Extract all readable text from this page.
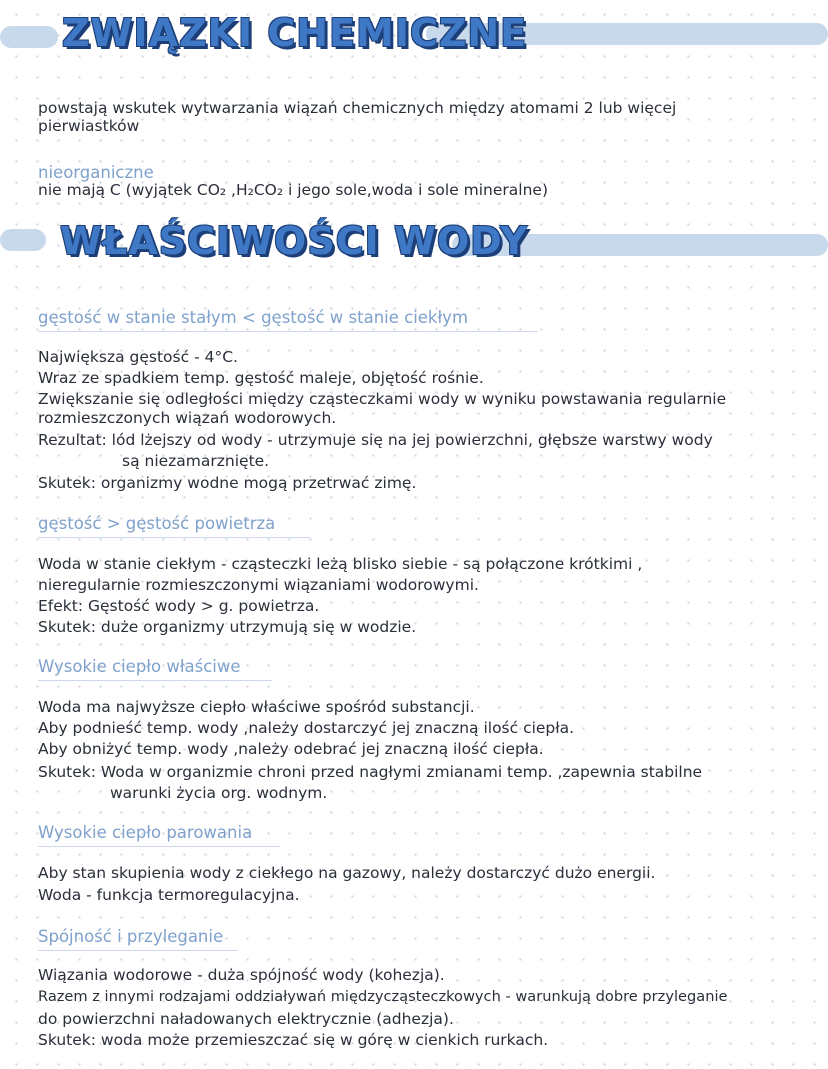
ZWIĄZKI CHEMICZNE

powstają wskutek wytwarzania wiązań chemicznych między atomami 2 lub więcej

pierwiastków

nieorganiczne

nie mają C (wyjątek CO₂ ,H₂CO₂ i jego sole,woda i sole mineralne)

WŁAŚCIWOŚCI WODY

gęstość w stanie stałym < gęstość w stanie ciekłym

Największa gęstość - 4°C.

Wraz ze spadkiem temp. gęstość maleje, objętość rośnie.

Zwiększanie się odległości między cząsteczkami wody w wyniku powstawania regularnie

rozmieszczonych wiązań wodorowych.

Rezultat: lód lżejszy od wody - utrzymuje się na jej powierzchni, głębsze warstwy wody

są niezamarznięte.

Skutek: organizmy wodne mogą przetrwać zimę.

gęstość > gęstość powietrza

Woda w stanie ciekłym - cząsteczki leżą blisko siebie - są połączone krótkimi ,

nieregularnie rozmieszczonymi wiązaniami wodorowymi.

Efekt: Gęstość wody > g. powietrza.

Skutek: duże organizmy utrzymują się w wodzie.

Wysokie ciepło właściwe

Woda ma najwyższe ciepło właściwe spośród substancji.

Aby podnieść temp. wody ,należy dostarczyć jej znaczną ilość ciepła.

Aby obniżyć temp. wody ,należy odebrać jej znaczną ilość ciepła.

Skutek: Woda w organizmie chroni przed nagłymi zmianami temp. ,zapewnia stabilne

warunki życia org. wodnym.

Wysokie ciepło parowania

Aby stan skupienia wody z ciekłego na gazowy, należy dostarczyć dużo energii.

Woda - funkcja termoregulacyjna.

Spójność i przyleganie

Wiązania wodorowe - duża spójność wody (kohezja).

Razem z innymi rodzajami oddziaływań międzycząsteczkowych - warunkują dobre przyleganie

do powierzchni naładowanych elektrycznie (adhezja).

Skutek: woda może przemieszczać się w górę w cienkich rurkach.
